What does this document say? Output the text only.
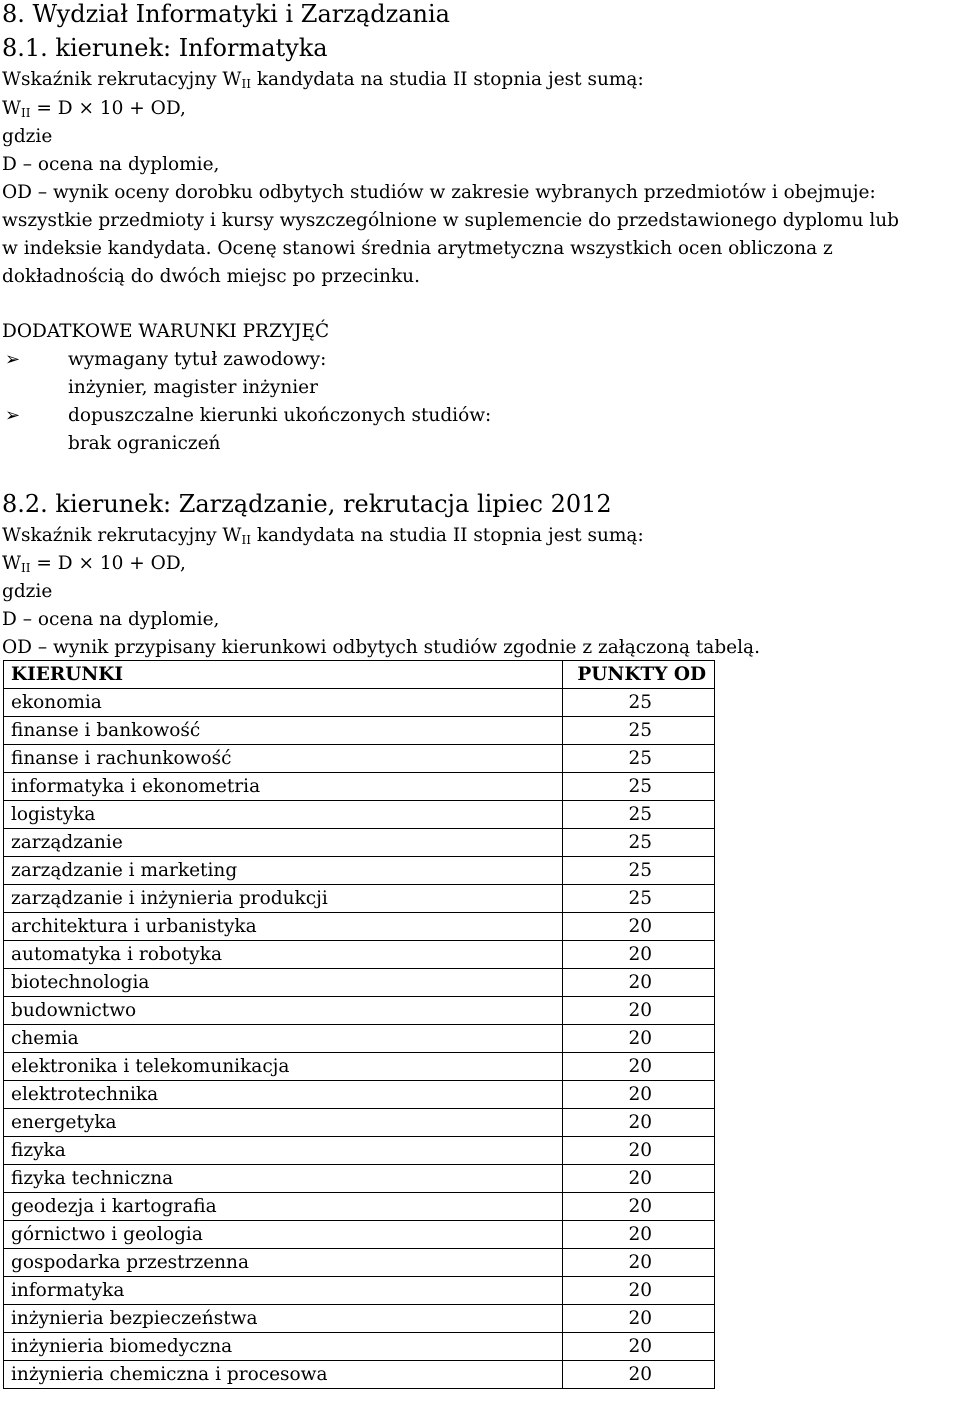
8. Wydział Informatyki i Zarządzania
8.1. kierunek: Informatyka
Wskaźnik rekrutacyjny $W_{II}$ kandydata na studia II stopnia jest sumą:
$W_{II} = D \times 10$ + OD,
gdzie
D – ocena na dyplomie,
OD – wynik oceny dorobku odbytych studiów w zakresie wybranych przedmiotów i obejmuje:
wszystkie przedmioty i kursy wyszczególnione w suplemencie do przedstawionego dyplomu lub
w indeksie kandydata. Ocenę stanowi średnia arytmetyczna wszystkich ocen obliczona z
dokładnością do dwóch miejsc po przecinku.
DODATKOWE WARUNKI PRZYJĘĆ
➢	wymagany tytuł zawodowy:
inżynier, magister inżynier
➢	dopuszczalne kierunki ukończonych studiów:
brak ograniczeń
8.2. kierunek: Zarządzanie, rekrutacja lipiec 2012
Wskaźnik rekrutacyjny $W_{II}$ kandydata na studia II stopnia jest sumą:
$W_{II} = D \times 10$ + OD,
gdzie
D – ocena na dyplomie,
OD – wynik przypisany kierunkowi odbytych studiów zgodnie z załączoną tabelą.
KIERUNKI	PUNKTY OD
ekonomia	25
finanse i bankowość	25
finanse i rachunkowość	25
informatyka i ekonometria	25
logistyka	25
zarządzanie	25
zarządzanie i marketing	25
zarządzanie i inżynieria produkcji	25
architektura i urbanistyka	20
automatyka i robotyka	20
biotechnologia	20
budownictwo	20
chemia	20
elektronika i telekomunikacja	20
elektrotechnika	20
energetyka	20
fizyka	20
fizyka techniczna	20
geodezja i kartografia	20
górnictwo i geologia	20
gospodarka przestrzenna	20
informatyka	20
inżynieria bezpieczeństwa	20
inżynieria biomedyczna	20
inżynieria chemiczna i procesowa	20
